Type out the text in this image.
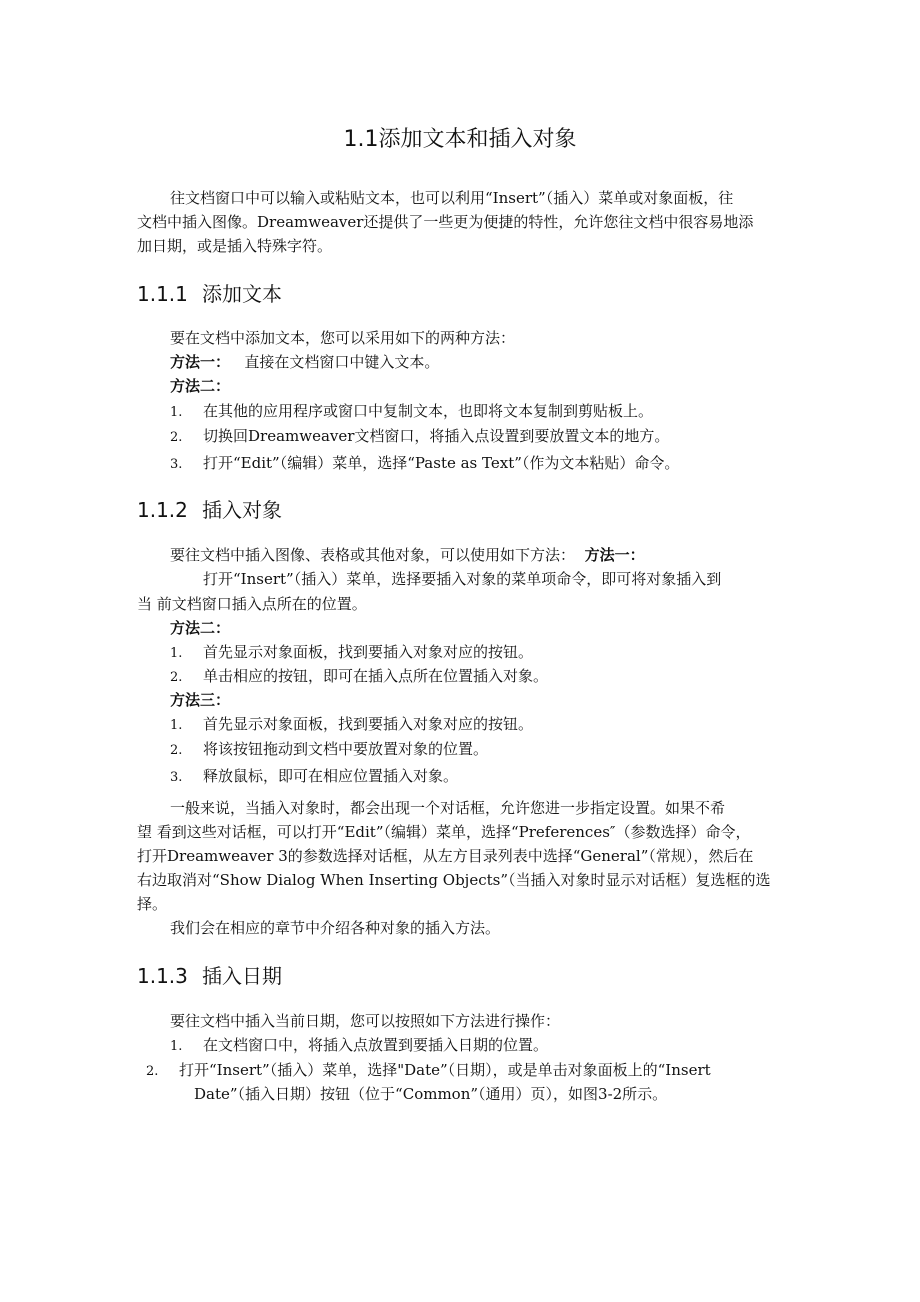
1.1添加文本和插入对象
往文档窗口中可以输入或粘贴文本，也可以利用“Insert”（插入）菜单或对象面板，往
文档中插入图像。Dreamweaver还提供了一些更为便捷的特性，允许您往文档中很容易地添
加日期，或是插入特殊字符。
1.1.1 添加文本
要在文档中添加文本，您可以采用如下的两种方法：
方法一： 直接在文档窗口中键入文本。
方法二：
1. 在其他的应用程序或窗口中复制文本，也即将文本复制到剪贴板上。
2. 切换回Dreamweaver文档窗口，将插入点设置到要放置文本的地方。
3. 打开“Edit”（编辑）菜单，选择“Paste as Text”（作为文本粘贴）命令。
1.1.2 插入对象
要往文档中插入图像、表格或其他对象，可以使用如下方法： 方法一：
打开“Insert”（插入）菜单，选择要插入对象的菜单项命令，即可将对象插入到
当 前文档窗口插入点所在的位置。
方法二：
1. 首先显示对象面板，找到要插入对象对应的按钮。
2. 单击相应的按钮，即可在插入点所在位置插入对象。
方法三：
1. 首先显示对象面板，找到要插入对象对应的按钮。
2. 将该按钮拖动到文档中要放置对象的位置。
3. 释放鼠标，即可在相应位置插入对象。
一般来说，当插入对象时，都会出现一个对话框，允许您进一步指定设置。如果不希
望 看到这些对话框，可以打开“Edit”（编辑）菜单，选择“Preferences″（参数选择）命令，
打开Dreamweaver 3的参数选择对话框，从左方目录列表中选择“General”（常规），然后在
右边取消对“Show Dialog When Inserting Objects”（当插入对象时显示对话框）复选框的选
择。
我们会在相应的章节中介绍各种对象的插入方法。
1.1.3 插入日期
要往文档中插入当前日期，您可以按照如下方法进行操作：
1. 在文档窗口中，将插入点放置到要插入日期的位置。
2. 打开“Insert”（插入）菜单，选择"Date”（日期），或是单击对象面板上的“Insert
Date”（插入日期）按钮（位于“Common”（通用）页），如图3-2所示。
